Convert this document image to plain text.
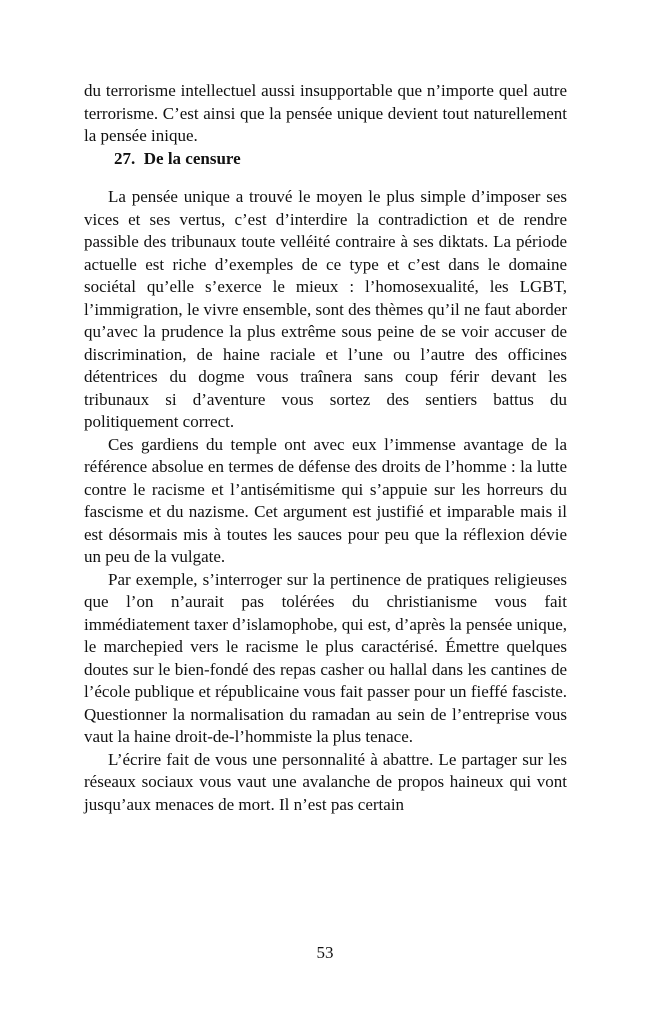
du terrorisme intellectuel aussi insupportable que n’importe quel autre terrorisme. C’est ainsi que la pensée unique devient tout naturellement la pensée inique.

27. De la censure

La pensée unique a trouvé le moyen le plus simple d’imposer ses vices et ses vertus, c’est d’interdire la contradiction et de rendre passible des tribunaux toute velléité contraire à ses diktats. La période actuelle est riche d’exemples de ce type et c’est dans le domaine sociétal qu’elle s’exerce le mieux : l’homosexualité, les LGBT, l’immigration, le vivre ensemble, sont des thèmes qu’il ne faut aborder qu’avec la prudence la plus extrême sous peine de se voir accuser de discrimination, de haine raciale et l’une ou l’autre des officines détentrices du dogme vous traînera sans coup férir devant les tribunaux si d’aventure vous sortez des sentiers battus du politiquement correct.

Ces gardiens du temple ont avec eux l’immense avantage de la référence absolue en termes de défense des droits de l’homme : la lutte contre le racisme et l’antisémitisme qui s’appuie sur les horreurs du fascisme et du nazisme. Cet argument est justifié et imparable mais il est désormais mis à toutes les sauces pour peu que la réflexion dévie un peu de la vulgate.

Par exemple, s’interroger sur la pertinence de pratiques religieuses que l’on n’aurait pas tolérées du christianisme vous fait immédiatement taxer d’islamophobe, qui est, d’après la pensée unique, le marchepied vers le racisme le plus caractérisé. Émettre quelques doutes sur le bien-fondé des repas casher ou hallal dans les cantines de l’école publique et républicaine vous fait passer pour un fieffé fasciste. Questionner la normalisation du ramadan au sein de l’entreprise vous vaut la haine droit-de-l’hommiste la plus tenace.

L’écrire fait de vous une personnalité à abattre. Le partager sur les réseaux sociaux vous vaut une avalanche de propos haineux qui vont jusqu’aux menaces de mort. Il n’est pas certain

53
